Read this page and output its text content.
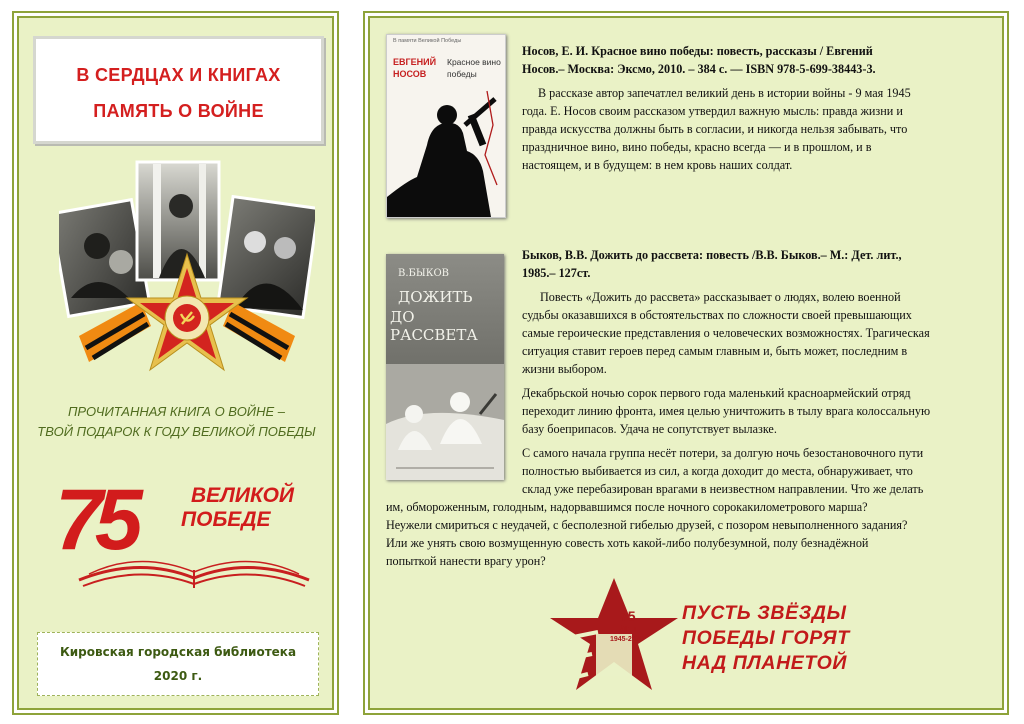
В СЕРДЦАХ И КНИГАХ
ПАМЯТЬ О ВОЙНЕ
ПРОЧИТАННАЯ КНИГА О ВОЙНЕ –
ТВОЙ ПОДАРОК К ГОДУ ВЕЛИКОЙ ПОБЕДЫ
75	ВЕЛИКОЙ
ПОБЕДЕ
Кировская городская библиотека
2020 г.
В памяти Великой Победы
ЕВГЕНИЙ
НОСОВ
Красное вино
победы
Носов, Е. И. Красное вино победы: повесть, рассказы / Евгений
Носов.– Москва: Эксмо, 2010. – 384 с. — ISBN 978-5-699-38443-3.
В рассказе автор запечатлел великий день в истории войны - 9 мая 1945
года. Е. Носов своим рассказом утвердил важную мысль: правда жизни и
правда искусства должны быть в согласии, и никогда нельзя забывать, что
праздничное вино, вино победы, красно всегда — и в прошлом, и в
настоящем, и в будущем: в нем кровь наших солдат.
В.БЫКОВ
ДОЖИТЬ
ДО РАССВЕТА
Быков, В.В. Дожить до рассвета: повесть /В.В. Быков.– М.: Дет. лит.,
1985.– 127ст.
Повесть «Дожить до рассвета» рассказывает о людях, волею военной
судьбы оказавшихся в обстоятельствах по сложности своей превышающих
самые героические представления о человеческих возможностях. Трагическая
ситуация ставит героев перед самым главным и, быть может, последним в
жизни выбором.
Декабрьской ночью сорок первого года маленький красноармейский отряд
переходит линию фронта, имея целью уничтожить в тылу врага колоссальную
базу боеприпасов. Удача не сопутствует вылазке.
С самого начала группа несёт потери, за долгую ночь безостановочного пути
полностью выбивается из сил, а когда доходит до места, обнаруживает, что
склад уже перебазирован врагами в неизвестном направлении. Что же делать
им, обмороженным, голодным, надорвавшимся после ночного сорокакилометрового марша?
Неужели смириться с неудачей, с бесполезной гибелью друзей, с позором невыполненного задания?
Или же унять свою возмущенную совесть хоть какой-либо полубезумной, полу безнадёжной
попыткой нанести врагу урон?
75
ЛЕТ
1945-2020
ПУСТЬ ЗВЁЗДЫ
ПОБЕДЫ ГОРЯТ
НАД ПЛАНЕТОЙ
